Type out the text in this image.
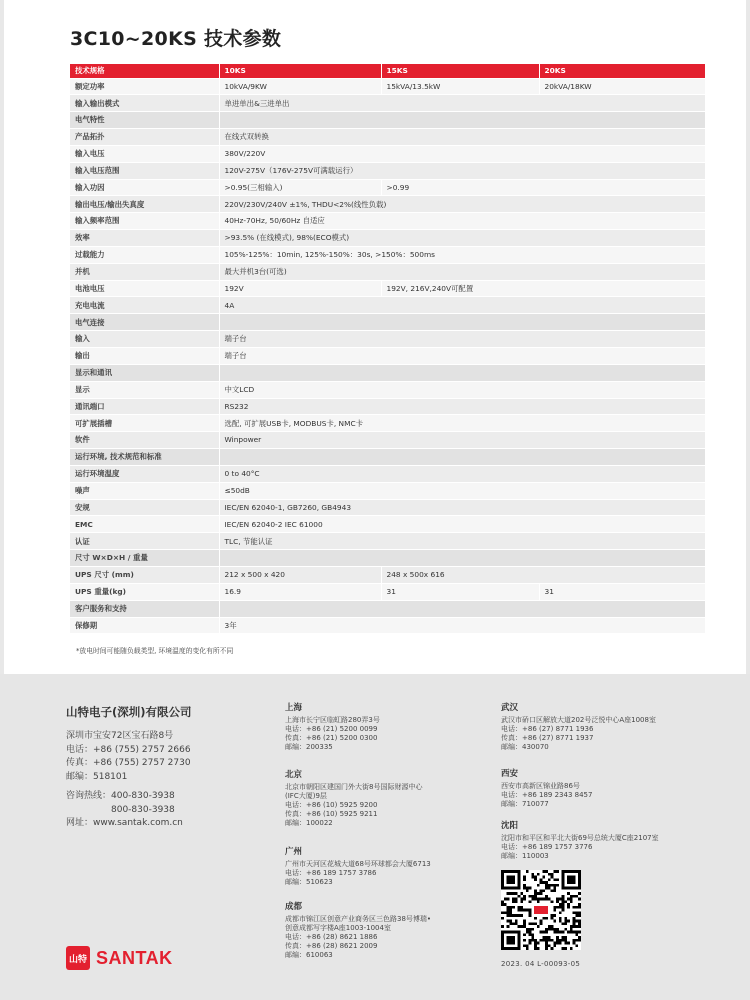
3C10~20KS 技术参数
技术规格	10KS	15KS	20KS
额定功率	10kVA/9KW	15kVA/13.5kW	20kVA/18KW
输入输出模式	单进单出&三进单出		
电气特性			
产品拓扑	在线式双转换		
输入电压	380V/220V		
输入电压范围	120V-275V（176V-275V可满载运行）		
输入功因	>0.95(三相输入)	>0.99	
输出电压/输出失真度	220V/230V/240V ±1%, THDU<2%(线性负载)		
输入频率范围	40Hz-70Hz, 50/60Hz 自适应		
效率	>93.5% (在线模式), 98%(ECO模式)		
过载能力	105%-125%：10min, 125%-150%：30s, >150%：500ms		
并机	最大并机3台(可选)		
电池电压	192V	192V, 216V,240V可配置	
充电电流	4A		
电气连接			
输入	端子台		
输出	端子台		
显示和通讯			
显示	中文LCD		
通讯端口	RS232		
可扩展插槽	选配, 可扩展USB卡, MODBUS卡, NMC卡		
软件	Winpower		
运行环境, 技术规范和标准			
运行环境温度	0 to 40°C		
噪声	≤50dB		
安规	IEC/EN 62040-1, GB7260, GB4943		
EMC	IEC/EN 62040-2 IEC 61000		
认证	TLC, 节能认证		
尺寸 W×D×H / 重量			
UPS 尺寸 (mm)	212 x 500 x 420	248 x 500x 616	
UPS 重量(kg)	16.9	31	31
客户服务和支持			
保修期	3年		
*放电时间可能随负载类型, 环境温度的变化有所不同
山特电子(深圳)有限公司
深圳市宝安72区宝石路8号
电话：+86 (755) 2757 2666
传真：+86 (755) 2757 2730
邮编：518101
咨询热线：400-830-3938
　　　　　800-830-3938
网址：www.santak.com.cn
上海
上海市长宁区临虹路280弄3号
电话：+86 (21) 5200 0099
传真：+86 (21) 5200 0300
邮编：200335
北京
北京市朝阳区建国门外大街8号国际财源中心
(IFC大厦)9层
电话：+86 (10) 5925 9200
传真：+86 (10) 5925 9211
邮编：100022
广州
广州市天河区花城大道68号环球都会大厦6713
电话：+86 189 1757 3786
邮编：510623
成都
成都市锦江区创意产业商务区三色路38号博瑞•
创意成都写字楼A座1003-1004室
电话：+86 (28) 8621 1886
传真：+86 (28) 8621 2009
邮编：610063
武汉
武汉市硚口区解放大道202号泛悦中心A座1008室
电话：+86 (27) 8771 1936
传真：+86 (27) 8771 1937
邮编：430070
西安
西安市高新区锦业路86号
电话：+86 189 2343 8457
邮编：710077
沈阳
沈阳市和平区和平北大街69号总统大厦C座2107室
电话：+86 189 1757 3776
邮编：110003
山特 SANTAK	2023. 04 L-00093-05
